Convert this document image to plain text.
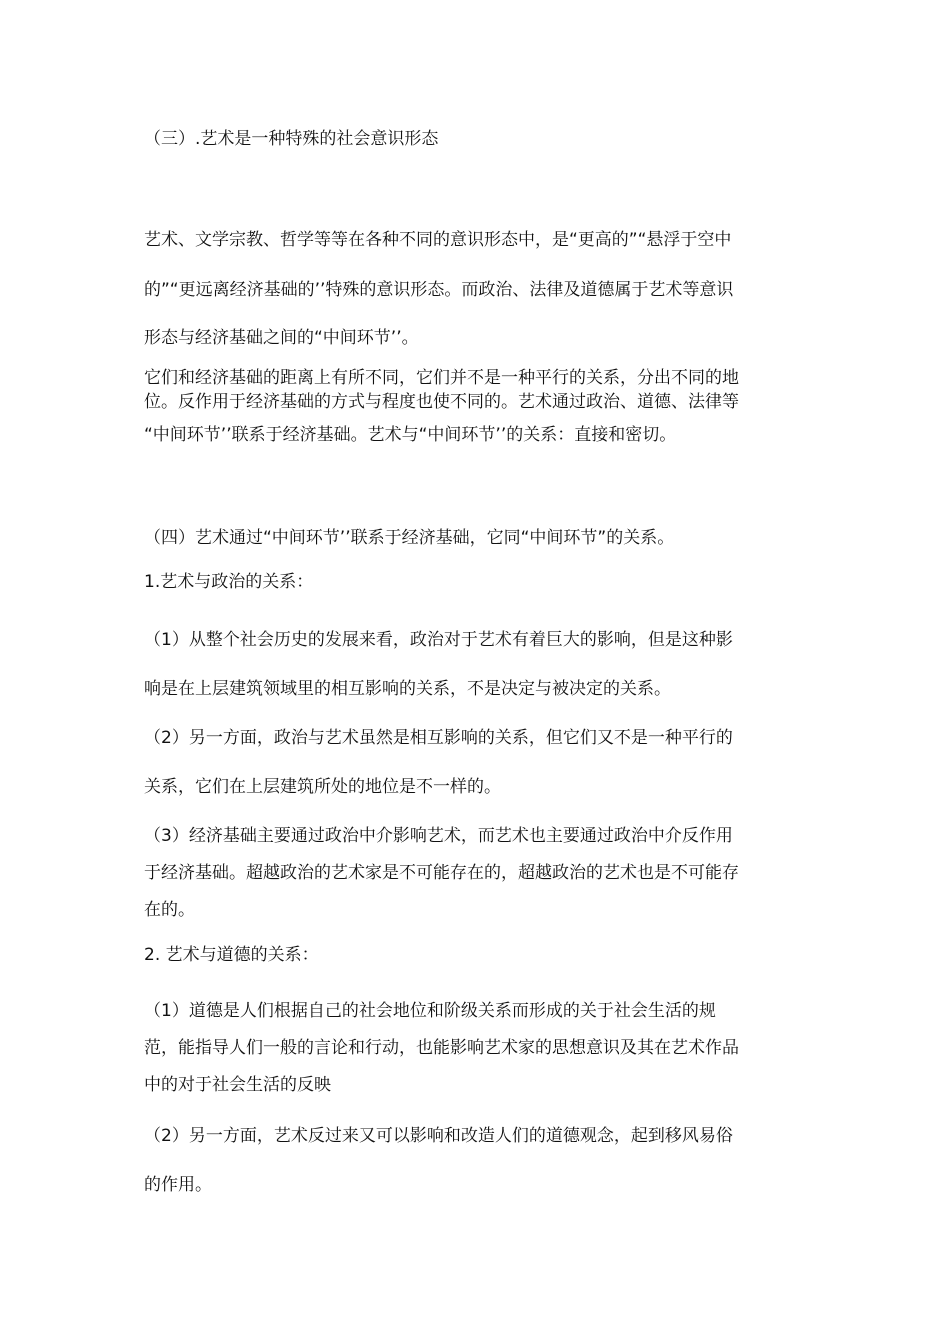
（三）.艺术是一种特殊的社会意识形态
艺术、文学宗教、哲学等等在各种不同的意识形态中，是“更高的”“悬浮于空中
的”“更远离经济基础的’’特殊的意识形态。而政治、法律及道德属于艺术等意识
形态与经济基础之间的“中间环节’’。
它们和经济基础的距离上有所不同，它们并不是一种平行的关系，分出不同的地
位。反作用于经济基础的方式与程度也使不同的。艺术通过政治、道德、法律等
“中间环节’’联系于经济基础。艺术与“中间环节’’的关系：直接和密切。
（四）艺术通过“中间环节’’联系于经济基础，它同“中间环节”的关系。
1.艺术与政治的关系：
（1）从整个社会历史的发展来看，政治对于艺术有着巨大的影响，但是这种影
响是在上层建筑领域里的相互影响的关系，不是决定与被决定的关系。
（2）另一方面，政治与艺术虽然是相互影响的关系，但它们又不是一种平行的
关系，它们在上层建筑所处的地位是不一样的。
（3）经济基础主要通过政治中介影响艺术，而艺术也主要通过政治中介反作用
于经济基础。超越政治的艺术家是不可能存在的，超越政治的艺术也是不可能存
在的。
2. 艺术与道德的关系：
（1）道德是人们根据自己的社会地位和阶级关系而形成的关于社会生活的规
范，能指导人们一般的言论和行动，也能影响艺术家的思想意识及其在艺术作品
中的对于社会生活的反映
（2）另一方面，艺术反过来又可以影响和改造人们的道德观念，起到移风易俗
的作用。
